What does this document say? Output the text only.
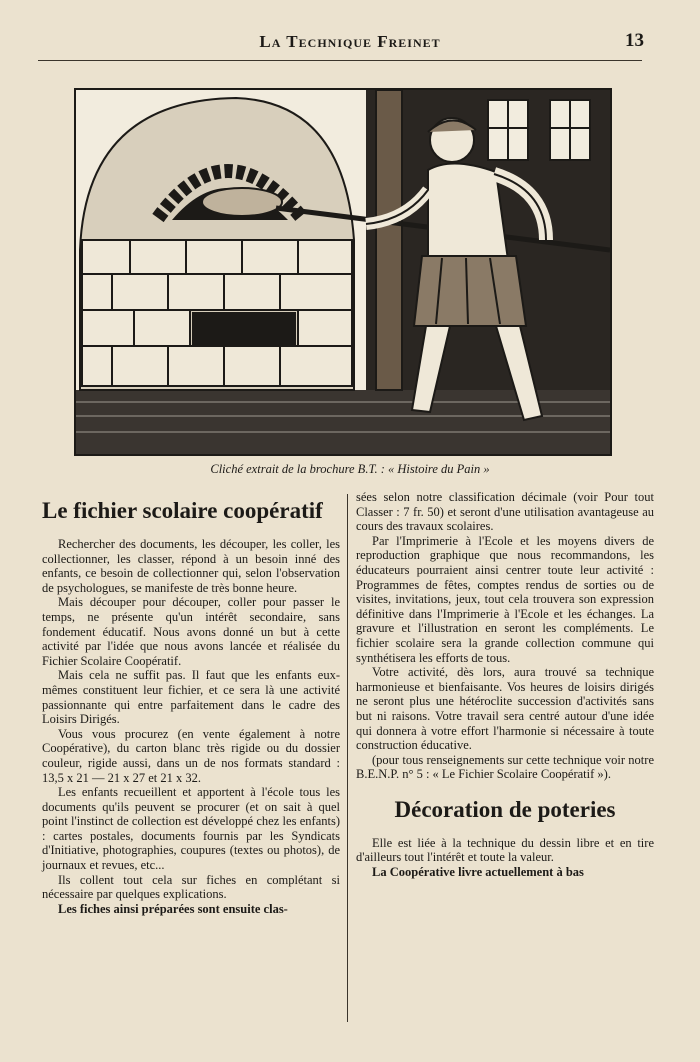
La Technique Freinet	13
Cliché extrait de la brochure B.T. : « Histoire du Pain »
Le fichier scolaire coopératif

Rechercher des documents, les découper, les coller, les collectionner, les classer, répond à un besoin inné des enfants, ce besoin de collectionner qui, selon l'observation de psychologues, se manifeste de très bonne heure.

Mais découper pour découper, coller pour passer le temps, ne présente qu'un intérêt secondaire, sans fondement éducatif. Nous avons donné un but à cette activité par l'idée que nous avons lancée et réalisée du Fichier Scolaire Coopératif.

Mais cela ne suffit pas. Il faut que les enfants eux-mêmes constituent leur fichier, et ce sera là une activité passionnante qui entre parfaitement dans le cadre des Loisirs Dirigés.

Vous vous procurez (en vente également à notre Coopérative), du carton blanc très rigide ou du dossier couleur, rigide aussi, dans un de nos formats standard : 13,5 x 21 — 21 x 27 et 21 x 32.

Les enfants recueillent et apportent à l'école tous les documents qu'ils peuvent se procurer (et on sait à quel point l'instinct de collection est développé chez les enfants) : cartes postales, documents fournis par les Syndicats d'Initiative, photographies, coupures (textes ou photos), de journaux et revues, etc...

Ils collent tout cela sur fiches en complétant si nécessaire par quelques explications.

Les fiches ainsi préparées sont ensuite clas-

sées selon notre classification décimale (voir Pour tout Classer : 7 fr. 50) et seront d'une utilisation avantageuse au cours des travaux scolaires.

Par l'Imprimerie à l'Ecole et les moyens divers de reproduction graphique que nous recommandons, les éducateurs pourraient ainsi centrer toute leur activité : Programmes de fêtes, comptes rendus de sorties ou de visites, invitations, jeux, tout cela trouvera son expression définitive dans l'Imprimerie à l'Ecole et les échanges. La gravure et l'illustration en seront les compléments. Le fichier scolaire sera la grande collection commune qui synthétisera les efforts de tous.

Votre activité, dès lors, aura trouvé sa technique harmonieuse et bienfaisante. Vos heures de loisirs dirigés ne seront plus une hétéroclite succession d'activités sans but ni raisons. Votre travail sera centré autour d'une idée qui donnera à votre effort l'harmonie si nécessaire à toute construction éducative.

(pour tous renseignements sur cette technique voir notre B.E.N.P. n° 5 : « Le Fichier Scolaire Coopératif »).

Décoration de poteries

Elle est liée à la technique du dessin libre et en tire d'ailleurs tout l'intérêt et toute la valeur.

La Coopérative livre actuellement à bas
